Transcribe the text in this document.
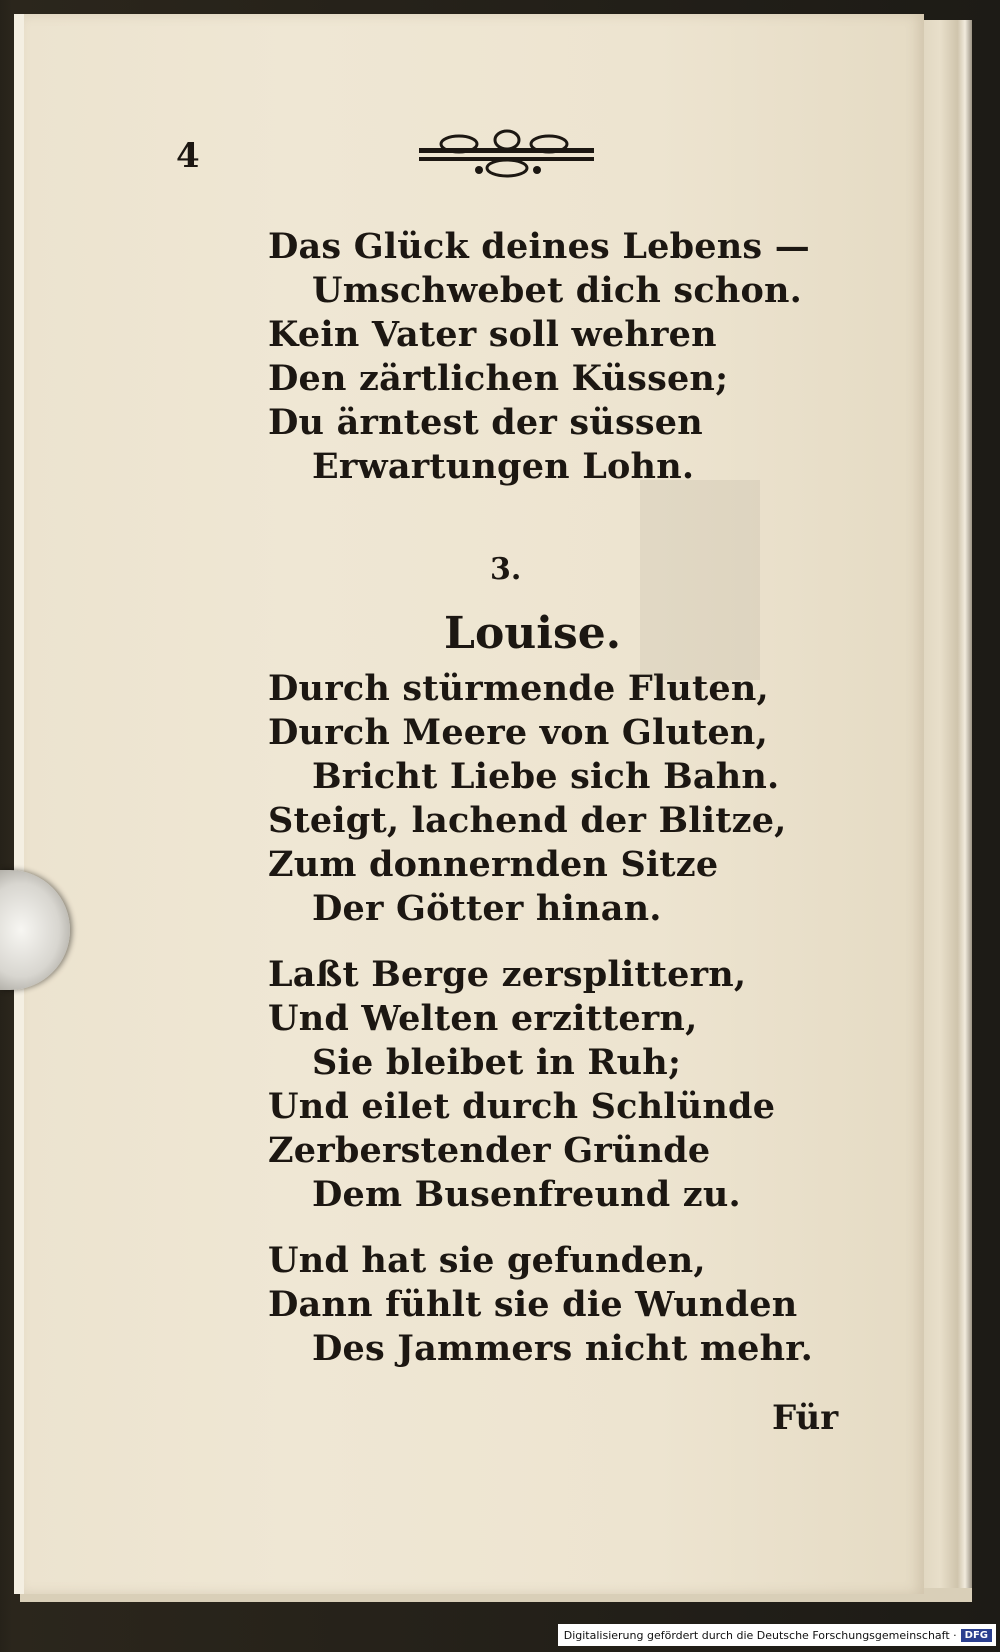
4
Das Glück deines Lebens —
Umschwebet dich schon.
Kein Vater soll wehren
Den zärtlichen Küssen;
Du ärntest der süssen
Erwartungen Lohn.
3.
Louise.
Durch stürmende Fluten,
Durch Meere von Gluten,
Bricht Liebe sich Bahn.
Steigt, lachend der Blitze,
Zum donnernden Sitze
Der Götter hinan.
Laßt Berge zersplittern,
Und Welten erzittern,
Sie bleibet in Ruh;
Und eilet durch Schlünde
Zerberstender Gründe
Dem Busenfreund zu.
Und hat sie gefunden,
Dann fühlt sie die Wunden
Des Jammers nicht mehr.
Für
Digitalisierung gefördert durch die Deutsche Forschungsgemeinschaft · DFG
